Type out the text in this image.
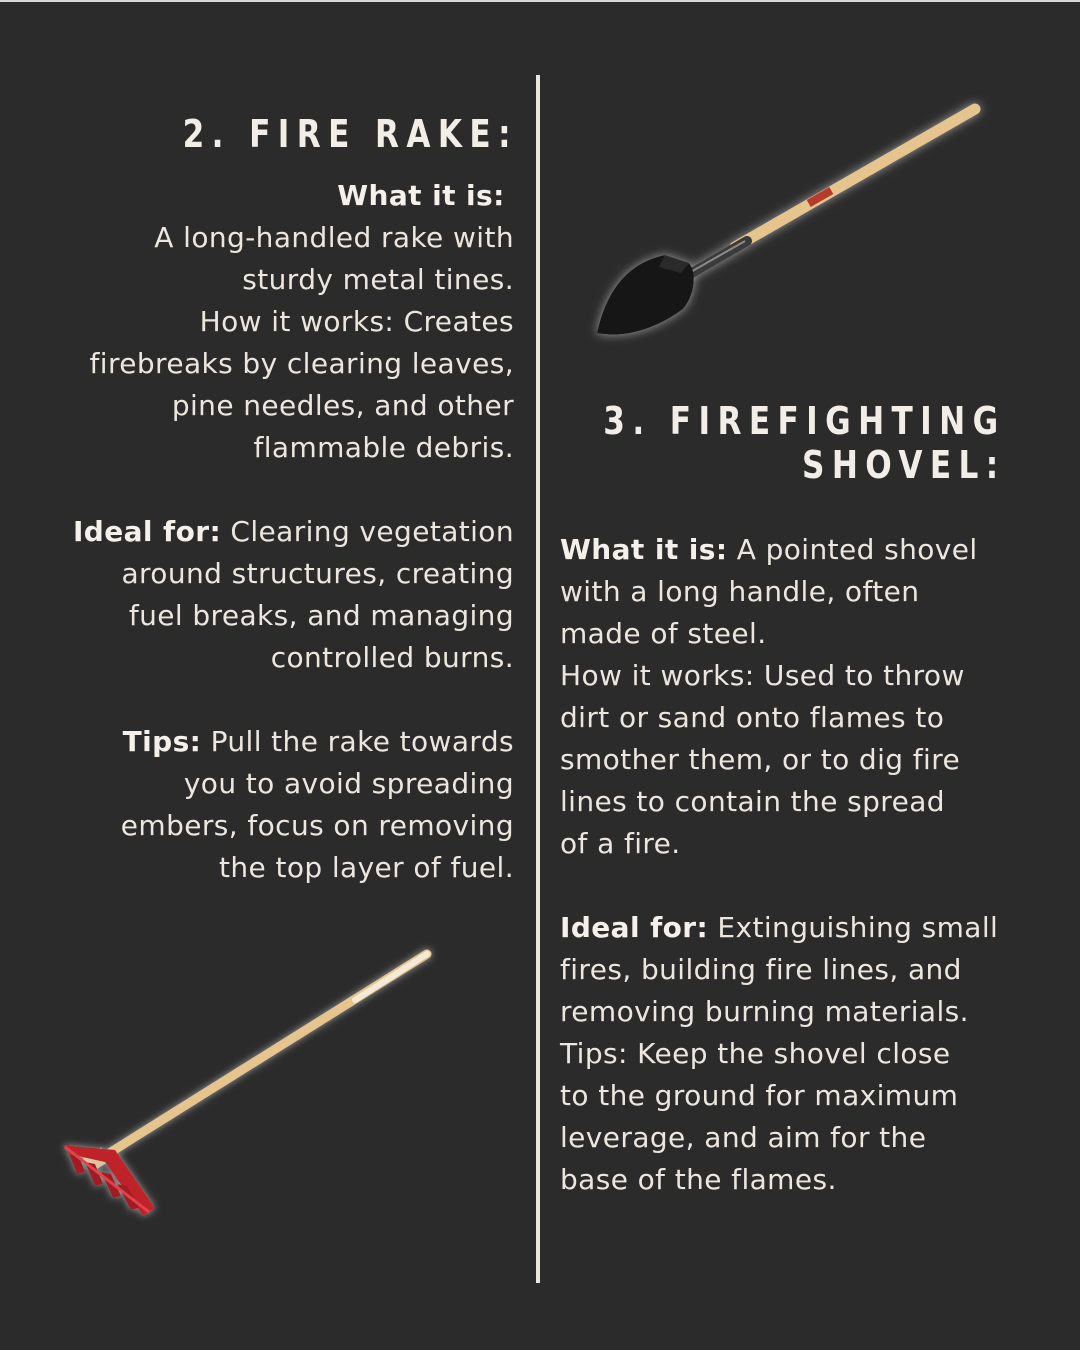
2. FIRE RAKE:
What it is:
A long-handled rake with
sturdy metal tines.
How it works: Creates
firebreaks by clearing leaves,
pine needles, and other
flammable debris.
Ideal for: Clearing vegetation
around structures, creating
fuel breaks, and managing
controlled burns.
Tips: Pull the rake towards
you to avoid spreading
embers, focus on removing
the top layer of fuel.
3. FIREFIGHTING
SHOVEL:
What it is: A pointed shovel
with a long handle, often
made of steel.
How it works: Used to throw
dirt or sand onto flames to
smother them, or to dig fire
lines to contain the spread
of a fire.
Ideal for: Extinguishing small
fires, building fire lines, and
removing burning materials.
Tips: Keep the shovel close
to the ground for maximum
leverage, and aim for the
base of the flames.
